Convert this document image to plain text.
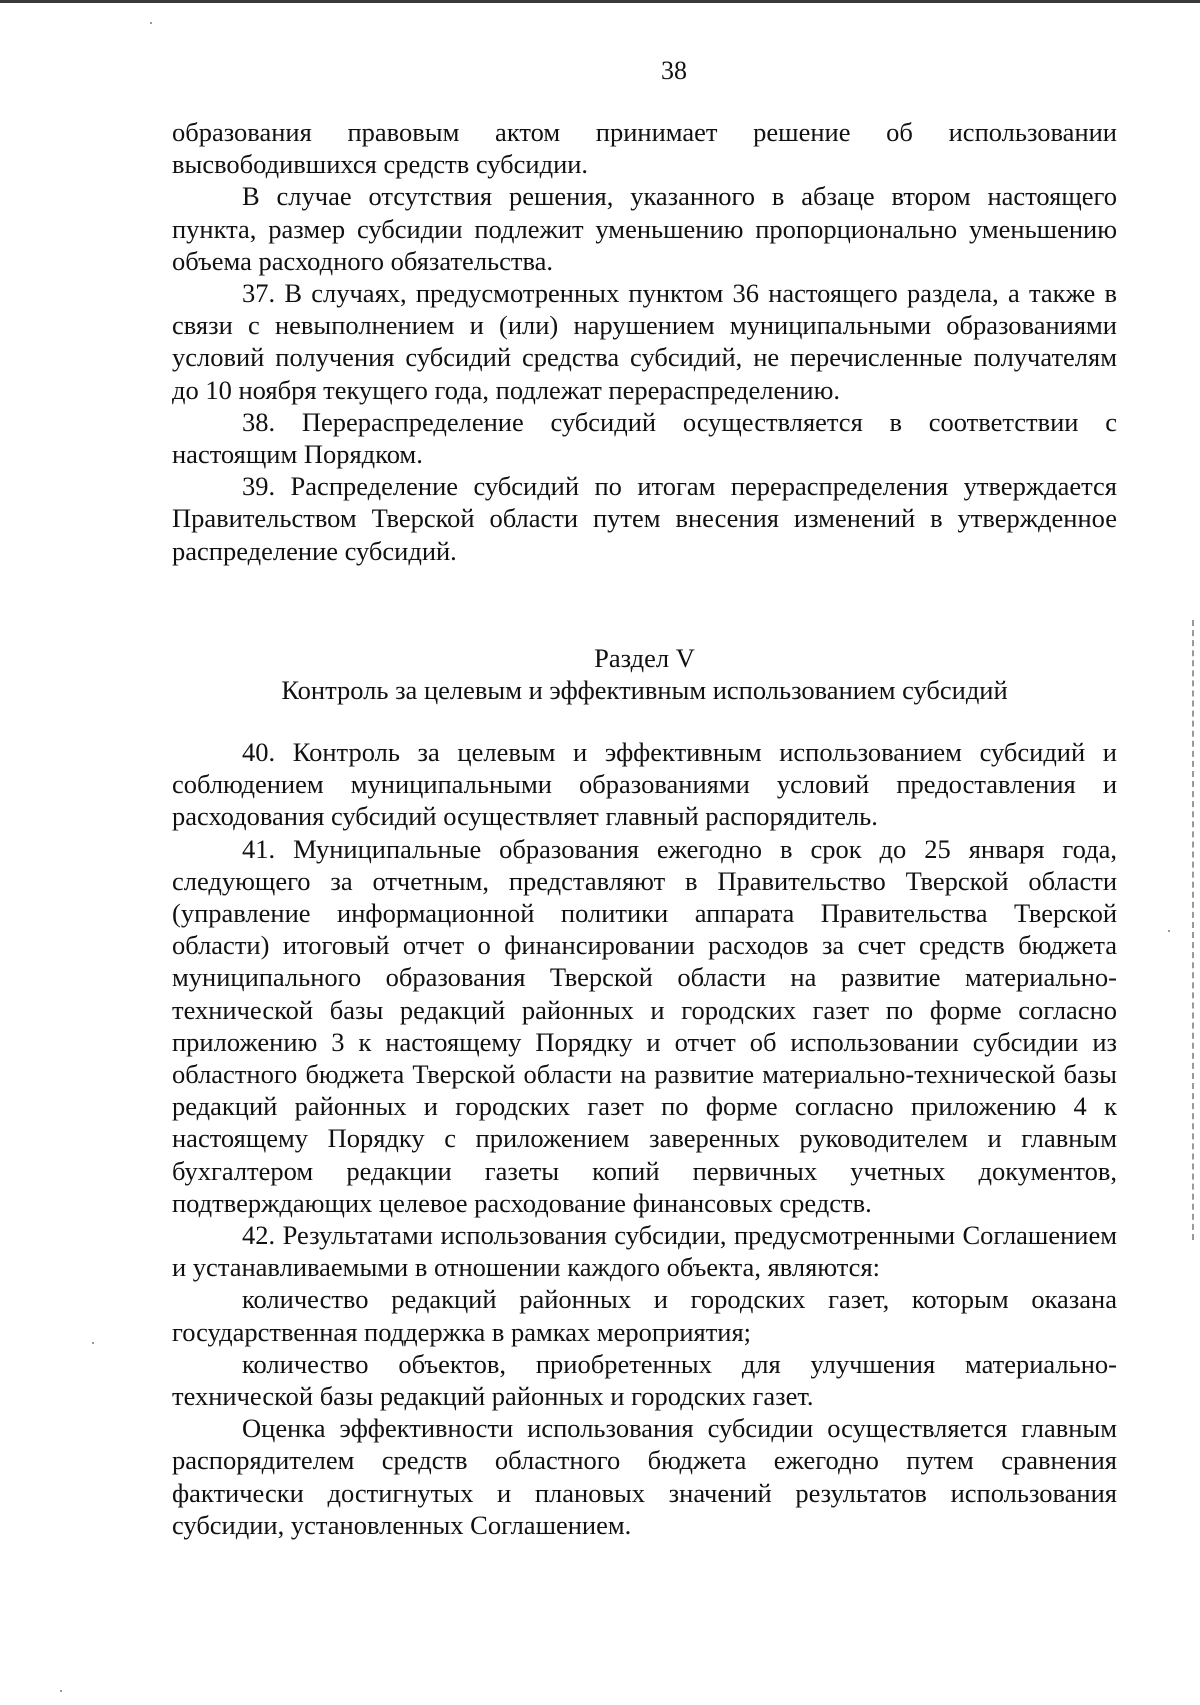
38

образования правовым актом принимает решение об использовании высвободившихся средств субсидии.

В случае отсутствия решения, указанного в абзаце втором настоящего пункта, размер субсидии подлежит уменьшению пропорционально уменьшению объема расходного обязательства.

37. В случаях, предусмотренных пунктом 36 настоящего раздела, а также в связи с невыполнением и (или) нарушением муниципальными образованиями условий получения субсидий средства субсидий, не перечисленные получателям до 10 ноября текущего года, подлежат перераспределению.

38. Перераспределение субсидий осуществляется в соответствии с настоящим Порядком.

39. Распределение субсидий по итогам перераспределения утверждается Правительством Тверской области путем внесения изменений в утвержденное распределение субсидий.

Раздел V
Контроль за целевым и эффективным использованием субсидий

40. Контроль за целевым и эффективным использованием субсидий и соблюдением муниципальными образованиями условий предоставления и расходования субсидий осуществляет главный распорядитель.

41. Муниципальные образования ежегодно в срок до 25 января года, следующего за отчетным, представляют в Правительство Тверской области (управление информационной политики аппарата Правительства Тверской области) итоговый отчет о финансировании расходов за счет средств бюджета муниципального образования Тверской области на развитие материально-технической базы редакций районных и городских газет по форме согласно приложению 3 к настоящему Порядку и отчет об использовании субсидии из областного бюджета Тверской области на развитие материально-технической базы редакций районных и городских газет по форме согласно приложению 4 к настоящему Порядку с приложением заверенных руководителем и главным бухгалтером редакции газеты копий первичных учетных документов, подтверждающих целевое расходование финансовых средств.

42. Результатами использования субсидии, предусмотренными Соглашением и устанавливаемыми в отношении каждого объекта, являются:

количество редакций районных и городских газет, которым оказана государственная поддержка в рамках мероприятия;

количество объектов, приобретенных для улучшения материально-технической базы редакций районных и городских газет.

Оценка эффективности использования субсидии осуществляется главным распорядителем средств областного бюджета ежегодно путем сравнения фактически достигнутых и плановых значений результатов использования субсидии, установленных Соглашением.
